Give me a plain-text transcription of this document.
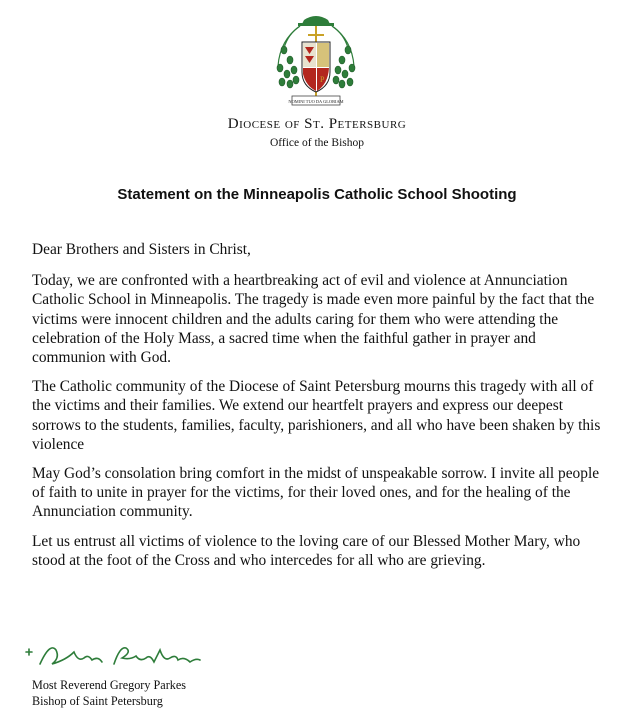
P
NOMINI TUO DA GLORIAM
Diocese of St. Petersburg
Office of the Bishop
Statement on the Minneapolis Catholic School Shooting

Dear Brothers and Sisters in Christ,

Today, we are confronted with a heartbreaking act of evil and violence at Annunciation Catholic School in Minneapolis. The tragedy is made even more painful by the fact that the victims were innocent children and the adults caring for them who were attending the celebration of the Holy Mass, a sacred time when the faithful gather in prayer and communion with God.

The Catholic community of the Diocese of Saint Petersburg mourns this tragedy with all of the victims and their families. We extend our heartfelt prayers and express our deepest sorrows to the students, families, faculty, parishioners, and all who have been shaken by this violence

May God’s consolation bring comfort in the midst of unspeakable sorrow. I invite all people of faith to unite in prayer for the victims, for their loved ones, and for the healing of the Annunciation community.

Let us entrust all victims of violence to the loving care of our Blessed Mother Mary, who stood at the foot of the Cross and who intercedes for all who are grieving.

Most Reverend Gregory Parkes
Bishop of Saint Petersburg
